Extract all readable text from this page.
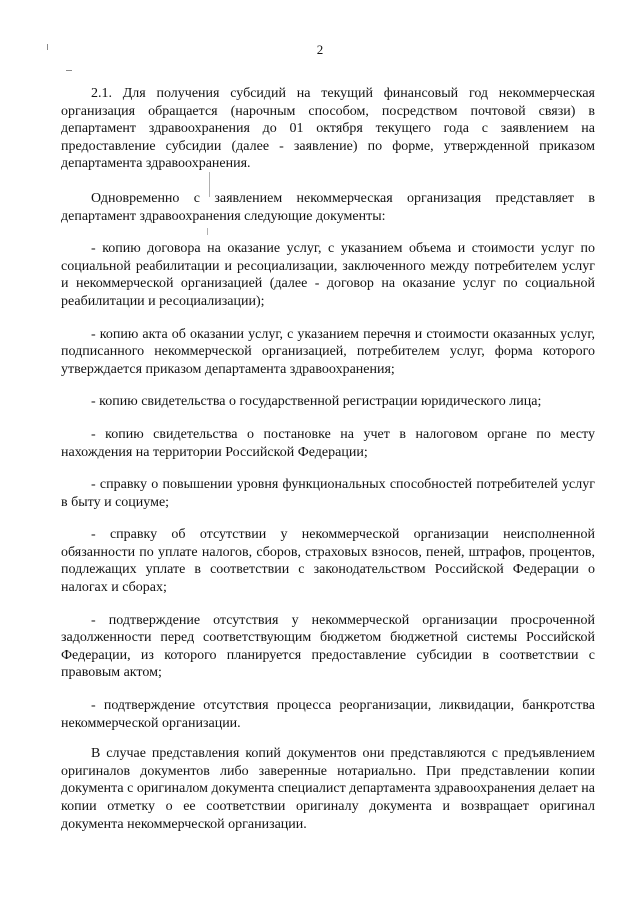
2

2.1. Для получения субсидий на текущий финансовый год некоммерческая организация обращается (нарочным способом, посредством почтовой связи) в департамент здравоохранения до 01 октября текущего года с заявлением на предоставление субсидии (далее - заявление) по форме, утвержденной приказом департамента здравоохранения.

Одновременно с заявлением некоммерческая организация представляет в департамент здравоохранения следующие документы:

- копию договора на оказание услуг, с указанием объема и стоимости услуг по социальной реабилитации и ресоциализации, заключенного между потребителем услуг и некоммерческой организацией (далее - договор на оказание услуг по социальной реабилитации и ресоциализации);

- копию акта об оказании услуг, с указанием перечня и стоимости оказанных услуг, подписанного некоммерческой организацией, потребителем услуг, форма которого утверждается приказом департамента здравоохранения;

- копию свидетельства о государственной регистрации юридического лица;

- копию свидетельства о постановке на учет в налоговом органе по месту нахождения на территории Российской Федерации;

- справку о повышении уровня функциональных способностей потребителей услуг в быту и социуме;

- справку об отсутствии у некоммерческой организации неисполненной обязанности по уплате налогов, сборов, страховых взносов, пеней, штрафов, процентов, подлежащих уплате в соответствии с законодательством Российской Федерации о налогах и сборах;

- подтверждение отсутствия у некоммерческой организации просроченной задолженности перед соответствующим бюджетом бюджетной системы Российской Федерации, из которого планируется предоставление субсидии в соответствии с правовым актом;

- подтверждение отсутствия процесса реорганизации, ликвидации, банкротства некоммерческой организации.

В случае представления копий документов они представляются с предъявлением оригиналов документов либо заверенные нотариально. При представлении копии документа с оригиналом документа специалист департамента здравоохранения делает на копии отметку о ее соответствии оригиналу документа и возвращает оригинал документа некоммерческой организации.
